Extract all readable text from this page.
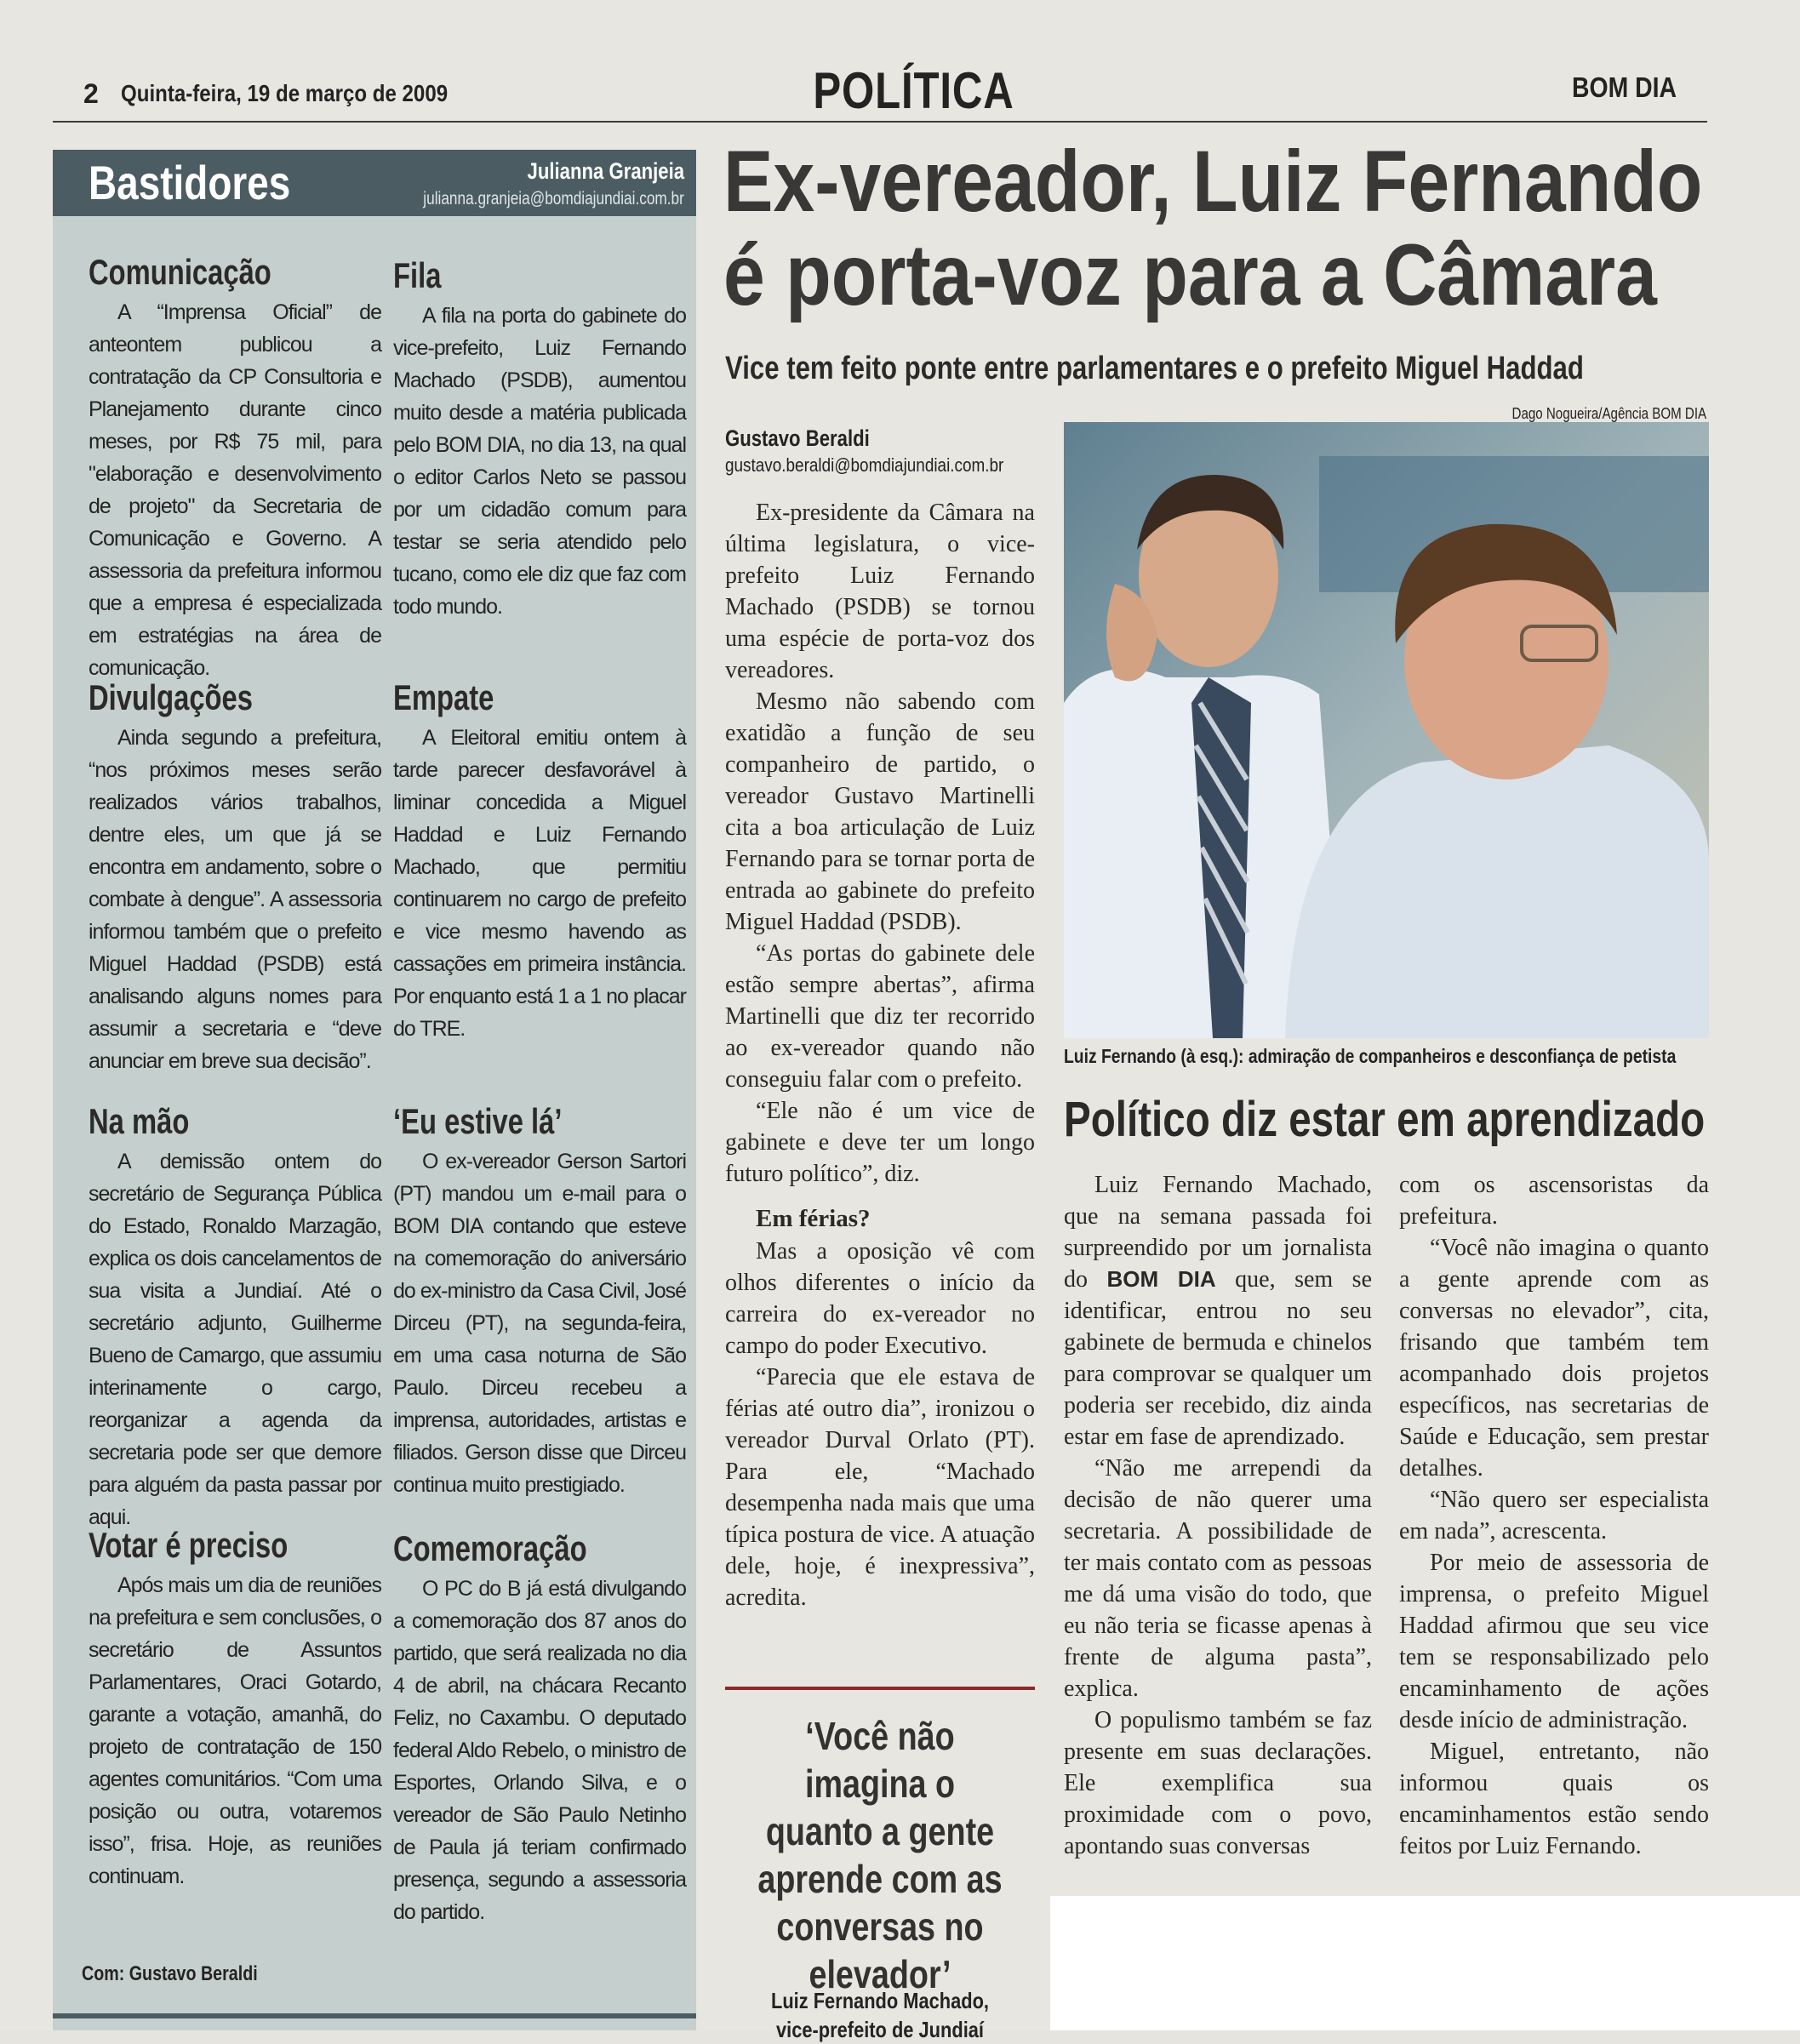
2 Quinta-feira, 19 de março de 2009	POLÍTICA	BOM DIA
Bastidores	Julianna Granjeia
julianna.granjeia@bomdiajundiai.com.br
Comunicação

A “Imprensa Oficial” de anteontem publicou a contratação da CP Consultoria e Planejamento durante cinco meses, por R$ 75 mil, para "elaboração e desenvolvimento de projeto" da Secretaria de Comunicação e Governo. A assessoria da prefeitura informou que a empresa é especializada em estratégias na área de comunicação.

Fila

A fila na porta do gabinete do vice-prefeito, Luiz Fernando Machado (PSDB), aumentou muito desde a matéria publicada pelo BOM DIA, no dia 13, na qual o editor Carlos Neto se passou por um cidadão comum para testar se seria atendido pelo tucano, como ele diz que faz com todo mundo.

Divulgações

Ainda segundo a prefeitura, “nos próximos meses serão realizados vários trabalhos, dentre eles, um que já se encontra em andamento, sobre o combate à dengue”. A assessoria informou também que o prefeito Miguel Haddad (PSDB) está analisando alguns nomes para assumir a secretaria e “deve anunciar em breve sua decisão”.

Empate

A Eleitoral emitiu ontem à tarde parecer desfavorável à liminar concedida a Miguel Haddad e Luiz Fernando Machado, que permitiu continuarem no cargo de prefeito e vice mesmo havendo as cassações em primeira instância. Por enquanto está 1 a 1 no placar do TRE.

Na mão

A demissão ontem do secretário de Segurança Pública do Estado, Ronaldo Marzagão, explica os dois cancelamentos de sua visita a Jundiaí. Até o secretário adjunto, Guilherme Bueno de Camargo, que assumiu interinamente o cargo, reorganizar a agenda da secretaria pode ser que demore para alguém da pasta passar por aqui.

‘Eu estive lá’

O ex-vereador Gerson Sartori (PT) mandou um e-mail para o BOM DIA contando que esteve na comemoração do aniversário do ex-ministro da Casa Civil, José Dirceu (PT), na segunda-feira, em uma casa noturna de São Paulo. Dirceu recebeu a imprensa, autoridades, artistas e filiados. Gerson disse que Dirceu continua muito prestigiado.

Votar é preciso

Após mais um dia de reuniões na prefeitura e sem conclusões, o secretário de Assuntos Parlamentares, Oraci Gotardo, garante a votação, amanhã, do projeto de contratação de 150 agentes comunitários. “Com uma posição ou outra, votaremos isso”, frisa. Hoje, as reuniões continuam.

Comemoração

O PC do B já está divulgando a comemoração dos 87 anos do partido, que será realizada no dia 4 de abril, na chácara Recanto Feliz, no Caxambu. O deputado federal Aldo Rebelo, o ministro de Esportes, Orlando Silva, e o vereador de São Paulo Netinho de Paula já teriam confirmado presença, segundo a assessoria do partido.

Com: Gustavo Beraldi
Ex-vereador, Luiz Fernando
é porta-voz para a Câmara
Vice tem feito ponte entre parlamentares e o prefeito Miguel Haddad
Gustavo Beraldi
gustavo.beraldi@bomdiajundiai.com.br

Ex-presidente da Câmara na última legislatura, o vice-prefeito Luiz Fernando Machado (PSDB) se tornou uma espécie de porta-voz dos vereadores.

Mesmo não sabendo com exatidão a função de seu companheiro de partido, o vereador Gustavo Martinelli cita a boa articulação de Luiz Fernando para se tornar porta de entrada ao gabinete do prefeito Miguel Haddad (PSDB).

“As portas do gabinete dele estão sempre abertas”, afirma Martinelli que diz ter recorrido ao ex-vereador quando não conseguiu falar com o prefeito.

“Ele não é um vice de gabinete e deve ter um longo futuro político”, diz.

Em férias?

Mas a oposição vê com olhos diferentes o início da carreira do ex-vereador no campo do poder Executivo.

“Parecia que ele estava de férias até outro dia”, ironizou o vereador Durval Orlato (PT). Para ele, “Machado desempenha nada mais que uma típica postura de vice. A atuação dele, hoje, é inexpressiva”, acredita.

‘Você não imagina o quanto a gente aprende com as conversas no elevador’
Luiz Fernando Machado, vice-prefeito de Jundiaí
Dago Nogueira/Agência BOM DIA
Luiz Fernando (à esq.): admiração de companheiros e desconfiança de petista
Político diz estar em aprendizado

Luiz Fernando Machado, que na semana passada foi surpreendido por um jornalista do BOM DIA que, sem se identificar, entrou no seu gabinete de bermuda e chinelos para comprovar se qualquer um poderia ser recebido, diz ainda estar em fase de aprendizado.

“Não me arrependi da decisão de não querer uma secretaria. A possibilidade de ter mais contato com as pessoas me dá uma visão do todo, que eu não teria se ficasse apenas à frente de alguma pasta”, explica.

O populismo também se faz presente em suas declarações. Ele exemplifica sua proximidade com o povo, apontando suas conversas

com os ascensoristas da prefeitura.

“Você não imagina o quanto a gente aprende com as conversas no elevador”, cita, frisando que também tem acompanhado dois projetos específicos, nas secretarias de Saúde e Educação, sem prestar detalhes.

“Não quero ser especialista em nada”, acrescenta.

Por meio de assessoria de imprensa, o prefeito Miguel Haddad afirmou que seu vice tem se responsabilizado pelo encaminhamento de ações desde início de administração.

Miguel, entretanto, não informou quais os encaminhamentos estão sendo feitos por Luiz Fernando.
